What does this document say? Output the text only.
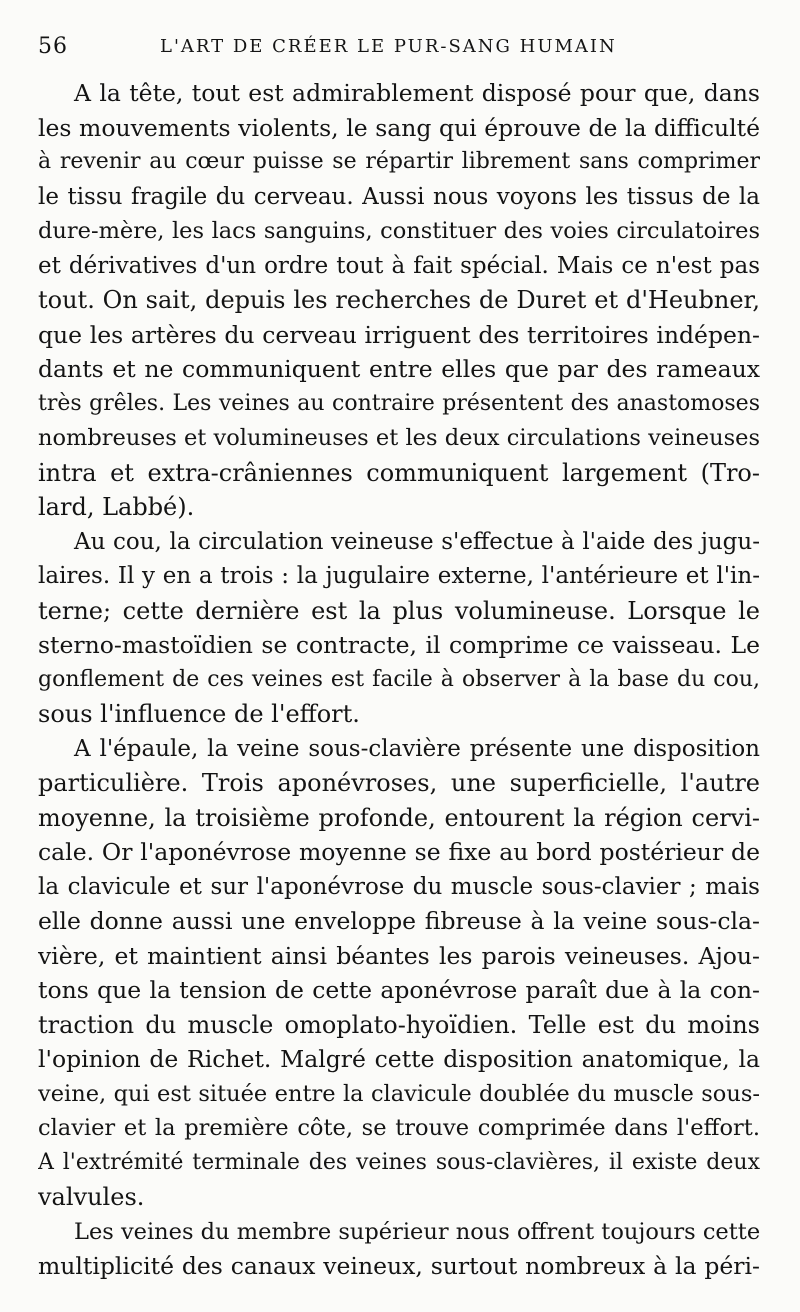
56	L'ART DE CRÉER LE PUR-SANG HUMAIN
A la tête, tout est admirablement disposé pour que, dans
les mouvements violents, le sang qui éprouve de la difficulté
à revenir au cœur puisse se répartir librement sans comprimer
le tissu fragile du cerveau. Aussi nous voyons les tissus de la
dure-mère, les lacs sanguins, constituer des voies circulatoires
et dérivatives d'un ordre tout à fait spécial. Mais ce n'est pas
tout. On sait, depuis les recherches de Duret et d'Heubner,
que les artères du cerveau irriguent des territoires indépen-
dants et ne communiquent entre elles que par des rameaux
très grêles. Les veines au contraire présentent des anastomoses
nombreuses et volumineuses et les deux circulations veineuses
intra et extra-crâniennes communiquent largement (Tro-
lard, Labbé).
Au cou, la circulation veineuse s'effectue à l'aide des jugu-
laires. Il y en a trois : la jugulaire externe, l'antérieure et l'in-
terne; cette dernière est la plus volumineuse. Lorsque le
sterno-mastoïdien se contracte, il comprime ce vaisseau. Le
gonflement de ces veines est facile à observer à la base du cou,
sous l'influence de l'effort.
A l'épaule, la veine sous-clavière présente une disposition
particulière. Trois aponévroses, une superficielle, l'autre
moyenne, la troisième profonde, entourent la région cervi-
cale. Or l'aponévrose moyenne se fixe au bord postérieur de
la clavicule et sur l'aponévrose du muscle sous-clavier ; mais
elle donne aussi une enveloppe fibreuse à la veine sous-cla-
vière, et maintient ainsi béantes les parois veineuses. Ajou-
tons que la tension de cette aponévrose paraît due à la con-
traction du muscle omoplato-hyoïdien. Telle est du moins
l'opinion de Richet. Malgré cette disposition anatomique, la
veine, qui est située entre la clavicule doublée du muscle sous-
clavier et la première côte, se trouve comprimée dans l'effort.
A l'extrémité terminale des veines sous-clavières, il existe deux
valvules.
Les veines du membre supérieur nous offrent toujours cette
multiplicité des canaux veineux, surtout nombreux à la péri-
